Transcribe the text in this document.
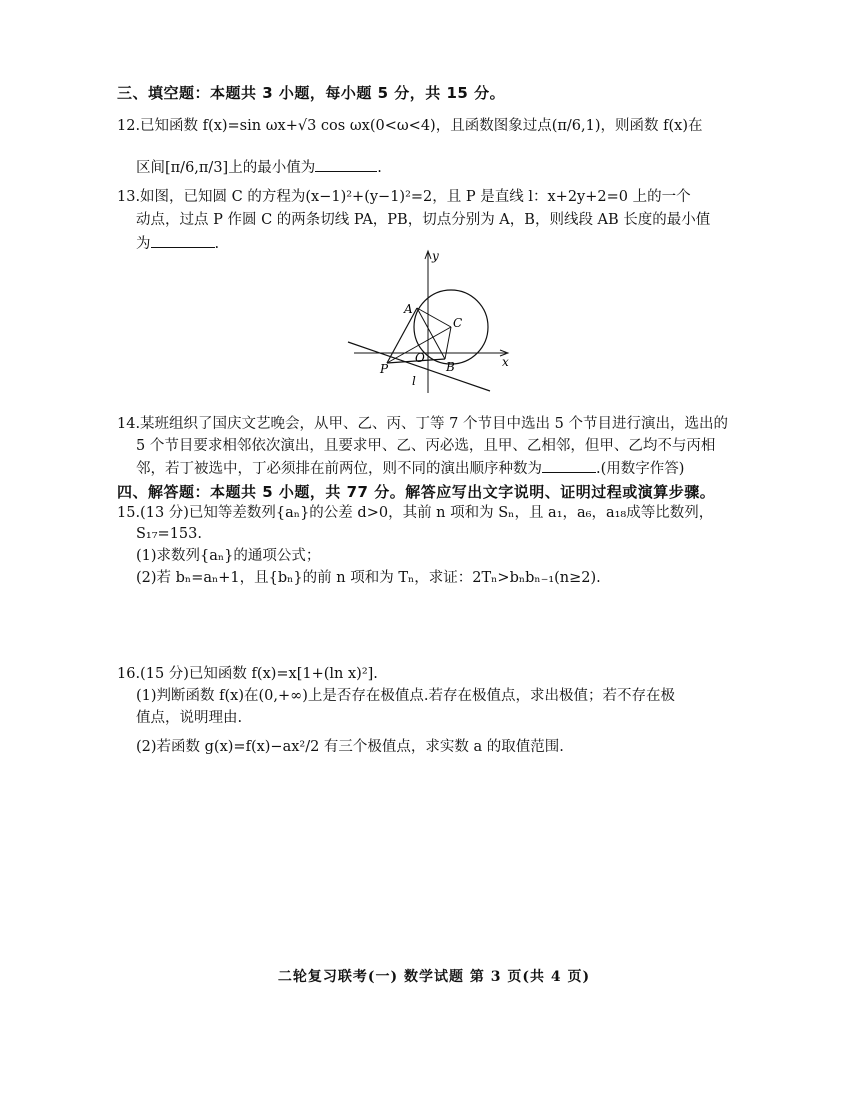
三、填空题：本题共 3 小题，每小题 5 分，共 15 分。
12.已知函数 f(x)=sin ωx+√3 cos ωx(0<ω<4)，且函数图象过点(π/6,1)，则函数 f(x)在
区间[π/6,π/3]上的最小值为	.
13.如图，已知圆 C 的方程为(x−1)²+(y−1)²=2，且 P 是直线 l：x+2y+2=0 上的一个
动点，过点 P 作圆 C 的两条切线 PA，PB，切点分别为 A，B，则线段 AB 长度的最小值
为	.
y
x
A
C
O
P	B
l
14.某班组织了国庆文艺晚会，从甲、乙、丙、丁等 7 个节目中选出 5 个节目进行演出，选出的
5 个节目要求相邻依次演出，且要求甲、乙、丙必选，且甲、乙相邻，但甲、乙均不与丙相
邻，若丁被选中，丁必须排在前两位，则不同的演出顺序种数为	.(用数字作答)
四、解答题：本题共 5 小题，共 77 分。解答应写出文字说明、证明过程或演算步骤。
15.(13 分)已知等差数列{aₙ}的公差 d>0，其前 n 项和为 Sₙ，且 a₁，a₆，a₁₈成等比数列，
S₁₇=153.
(1)求数列{aₙ}的通项公式；
(2)若 bₙ=aₙ+1，且{bₙ}的前 n 项和为 Tₙ，求证：2Tₙ>bₙbₙ₋₁(n≥2).
16.(15 分)已知函数 f(x)=x[1+(ln x)²].
(1)判断函数 f(x)在(0,+∞)上是否存在极值点.若存在极值点，求出极值；若不存在极
值点，说明理由.
(2)若函数 g(x)=f(x)−ax²/2 有三个极值点，求实数 a 的取值范围.
二轮复习联考(一) 数学试题 第 3 页(共 4 页)
